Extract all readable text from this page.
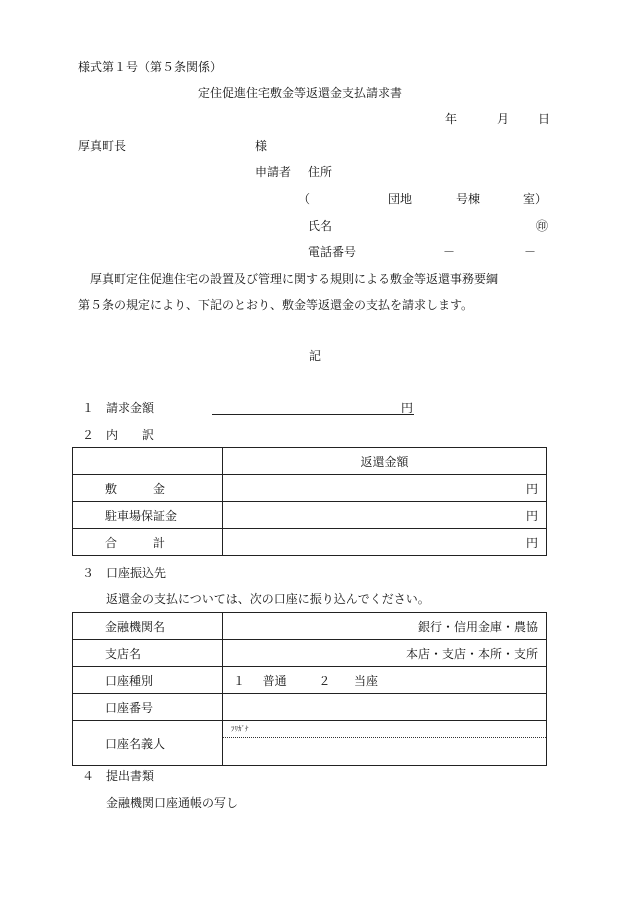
様式第１号（第５条関係）
定住促進住宅敷金等返還金支払請求書
年	月 日
厚真町長	様
申請者 住所
（	団地	号棟	室）
氏名	㊞
電話番号	－	－
厚真町定住促進住宅の設置及び管理に関する規則による敷金等返還事務要綱
第５条の規定により、下記のとおり、敷金等返還金の支払を請求します。
記
１ 請求金額	円
２ 内　　訳
	返還金額
敷　　　金	円
駐車場保証金	円
合　　　計	円
３ 口座振込先
返還金の支払については、次の口座に振り込んでください。
金融機関名	銀行・信用金庫・農協
支店名	本店・支店・本所・支所
口座種別	１ 普通 ２ 当座
口座番号	
口座名義人	ﾌﾘｶﾞﾅ
４ 提出書類
金融機関口座通帳の写し
